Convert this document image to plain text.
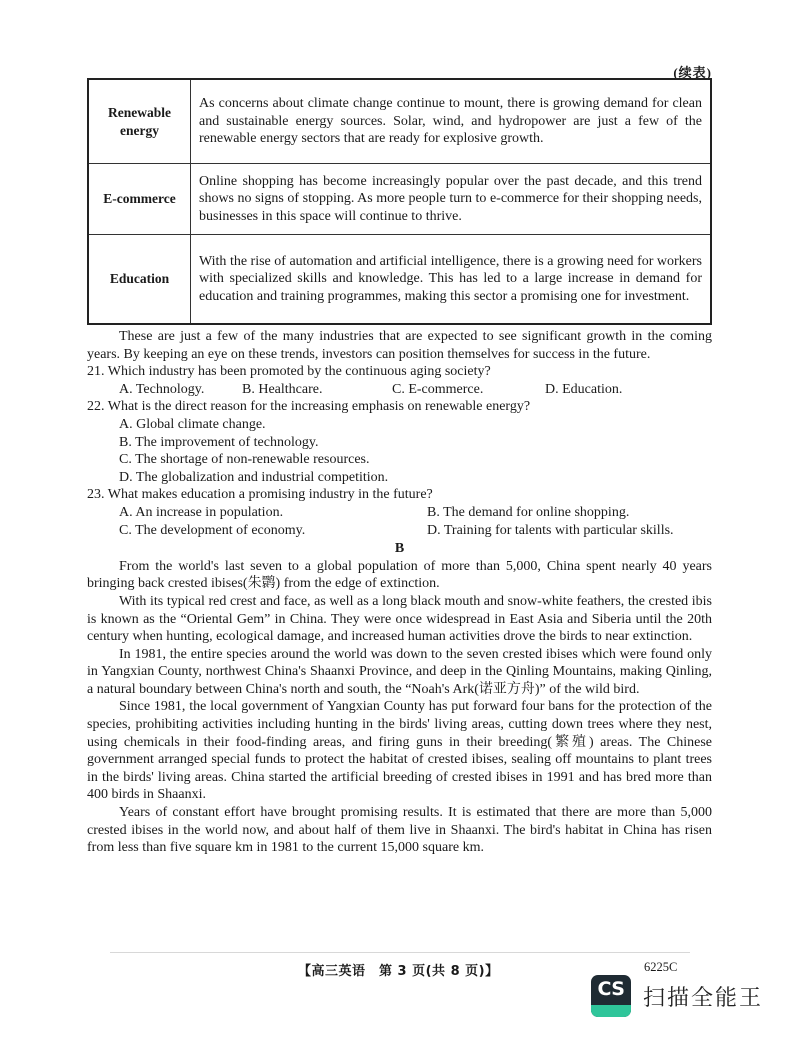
(续表)
Renewable
energy	As concerns about climate change continue to mount, there is growing demand for clean and sustainable energy sources. Solar, wind, and hydropower are just a few of the renewable energy sectors that are ready for explosive growth.
E-commerce	Online shopping has become increasingly popular over the past decade, and this trend shows no signs of stopping. As more people turn to e-commerce for their shopping needs, businesses in this space will continue to thrive.
Education	With the rise of automation and artificial intelligence, there is a growing need for workers with specialized skills and knowledge. This has led to a large increase in demand for education and training programmes, making this sector a promising one for investment.

These are just a few of the many industries that are expected to see significant growth in the coming years. By keeping an eye on these trends, investors can position themselves for success in the future.

21. Which industry has been promoted by the continuous aging society?

A. Technology.	B. Healthcare.	C. E-commerce.	D. Education.

22. What is the direct reason for the increasing emphasis on renewable energy?

A. Global climate change.

B. The improvement of technology.

C. The shortage of non-renewable resources.

D. The globalization and industrial competition.

23. What makes education a promising industry in the future?

A. An increase in population.	B. The demand for online shopping.
C. The development of economy.	D. Training for talents with particular skills.

B

From the world's last seven to a global population of more than 5,000, China spent nearly 40 years bringing back crested ibises(朱鹮) from the edge of extinction.

With its typical red crest and face, as well as a long black mouth and snow-white feathers, the crested ibis is known as the “Oriental Gem” in China. They were once widespread in East Asia and Siberia until the 20th century when hunting, ecological damage, and increased human activities drove the birds to near extinction.

In 1981, the entire species around the world was down to the seven crested ibises which were found only in Yangxian County, northwest China's Shaanxi Province, and deep in the Qinling Mountains, making Qinling, a natural boundary between China's north and south, the “Noah's Ark(诺亚方舟)” of the wild bird.

Since 1981, the local government of Yangxian County has put forward four bans for the protection of the species, prohibiting activities including hunting in the birds' living areas, cutting down trees where they nest, using chemicals in their food-finding areas, and firing guns in their breeding(繁殖) areas. The Chinese government arranged special funds to protect the habitat of crested ibises, sealing off mountains to plant trees in the birds' living areas. China started the artificial breeding of crested ibises in 1991 and has bred more than 400 birds in Shaanxi.

Years of constant effort have brought promising results. It is estimated that there are more than 5,000 crested ibises in the world now, and about half of them live in Shaanxi. The bird's habitat in China has risen from less than five square km in 1981 to the current 15,000 square km.

【高三英语　第 3 页(共 8 页)】	6225C
CS 扫描全能王
